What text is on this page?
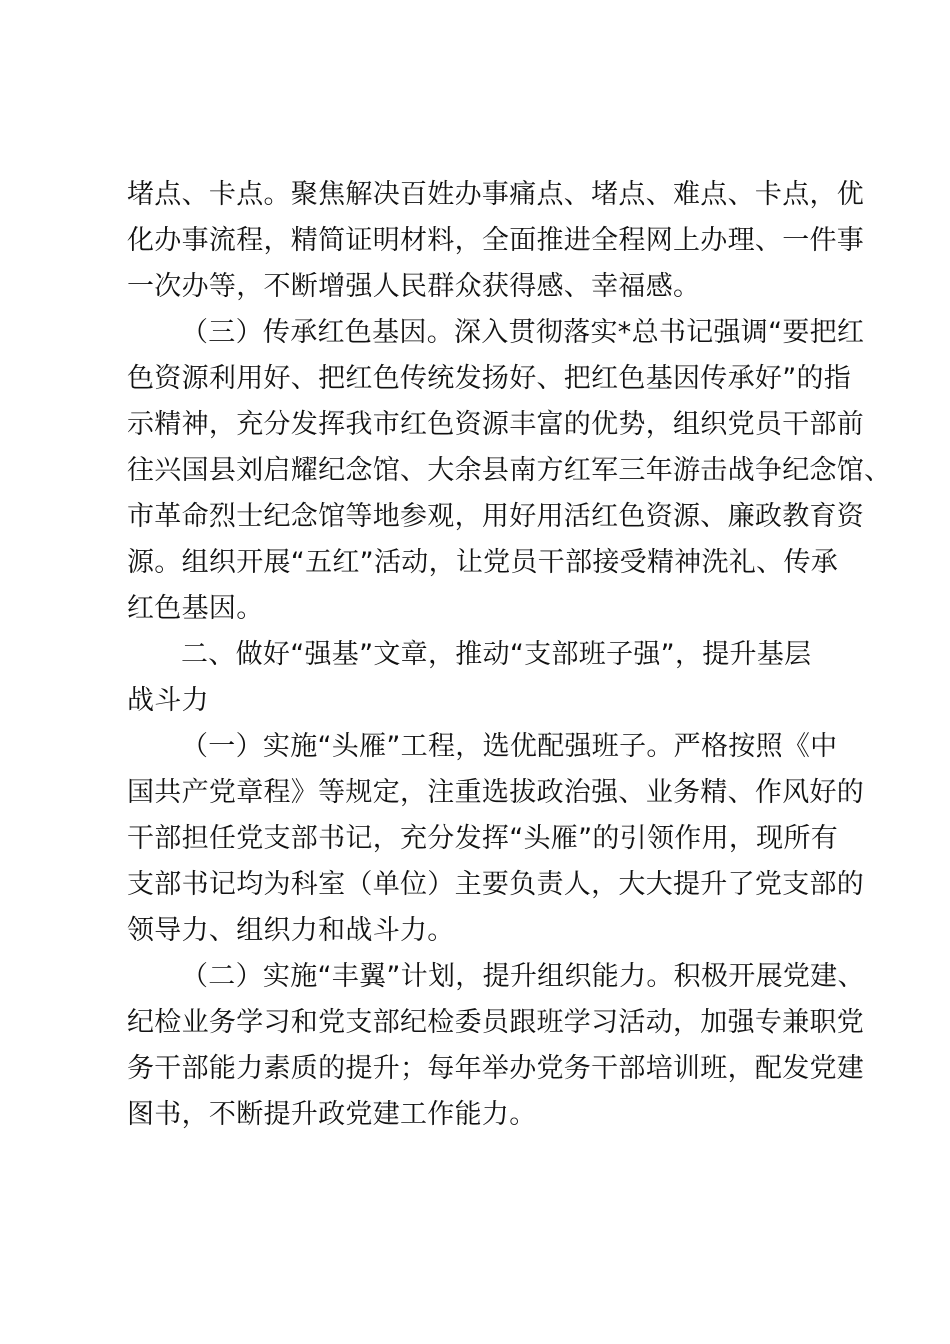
堵点、卡点。聚焦解决百姓办事痛点、堵点、难点、卡点，优
化办事流程，精简证明材料，全面推进全程网上办理、一件事
一次办等，不断增强人民群众获得感、幸福感。
（三）传承红色基因。深入贯彻落实*总书记强调“要把红
色资源利用好、把红色传统发扬好、把红色基因传承好”的指
示精神，充分发挥我市红色资源丰富的优势，组织党员干部前
往兴国县刘启耀纪念馆、大余县南方红军三年游击战争纪念馆、
市革命烈士纪念馆等地参观，用好用活红色资源、廉政教育资
源。组织开展“五红”活动，让党员干部接受精神洗礼、传承
红色基因。
二、做好“强基”文章，推动“支部班子强”，提升基层
战斗力
（一）实施“头雁”工程，选优配强班子。严格按照《中
国共产党章程》等规定，注重选拔政治强、业务精、作风好的
干部担任党支部书记，充分发挥“头雁”的引领作用，现所有
支部书记均为科室（单位）主要负责人，大大提升了党支部的
领导力、组织力和战斗力。
（二）实施“丰翼”计划，提升组织能力。积极开展党建、
纪检业务学习和党支部纪检委员跟班学习活动，加强专兼职党
务干部能力素质的提升；每年举办党务干部培训班，配发党建
图书，不断提升政党建工作能力。
